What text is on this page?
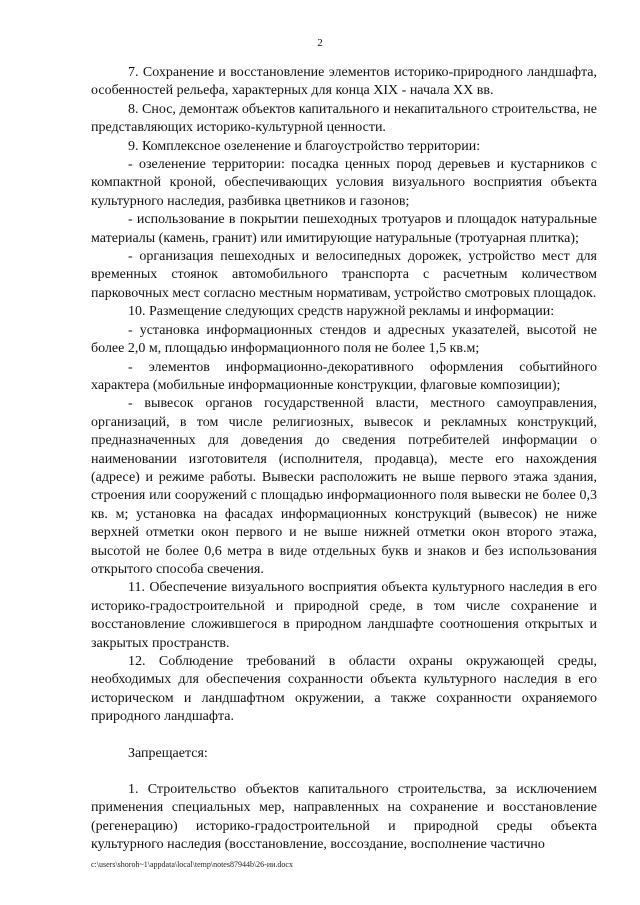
2

7. Сохранение и восстановление элементов историко-природного ландшафта, особенностей рельефа, характерных для конца XIX - начала XX вв.

8. Снос, демонтаж объектов капитального и некапитального строительства, не представляющих историко-культурной ценности.

9. Комплексное озеленение и благоустройство территории:

- озеленение территории: посадка ценных пород деревьев и кустарников с компактной кроной, обеспечивающих условия визуального восприятия объекта культурного наследия, разбивка цветников и газонов;

- использование в покрытии пешеходных тротуаров и площадок натуральные материалы (камень, гранит) или имитирующие натуральные (тротуарная плитка);

- организация пешеходных и велосипедных дорожек, устройство мест для временных стоянок автомобильного транспорта с расчетным количеством парковочных мест согласно местным нормативам, устройство смотровых площадок.

10. Размещение следующих средств наружной рекламы и информации:

- установка информационных стендов и адресных указателей, высотой не более 2,0 м, площадью информационного поля не более 1,5 кв.м;

- элементов информационно-декоративного оформления событийного характера (мобильные информационные конструкции, флаговые композиции);

- вывесок органов государственной власти, местного самоуправления, организаций, в том числе религиозных, вывесок и рекламных конструкций, предназначенных для доведения до сведения потребителей информации о наименовании изготовителя (исполнителя, продавца), месте его нахождения (адресе) и режиме работы. Вывески расположить не выше первого этажа здания, строения или сооружений с площадью информационного поля вывески не более 0,3 кв. м; установка на фасадах информационных конструкций (вывесок) не ниже верхней отметки окон первого и не выше нижней отметки окон второго этажа, высотой не более 0,6 метра в виде отдельных букв и знаков и без использования открытого способа свечения.

11. Обеспечение визуального восприятия объекта культурного наследия в его историко-градостроительной и природной среде, в том числе сохранение и восстановление сложившегося в природном ландшафте соотношения открытых и закрытых пространств.

12. Соблюдение требований в области охраны окружающей среды, необходимых для обеспечения сохранности объекта культурного наследия в его историческом и ландшафтном окружении, а также сохранности охраняемого природного ландшафта.

Запрещается:

1. Строительство объектов капитального строительства, за исключением применения специальных мер, направленных на сохранение и восстановление (регенерацию) историко-градостроительной и природной среды объекта культурного наследия (восстановление, воссоздание, восполнение частично

c:\users\shoroh~1\appdata\local\temp\notes87944b\26-ии.docx
